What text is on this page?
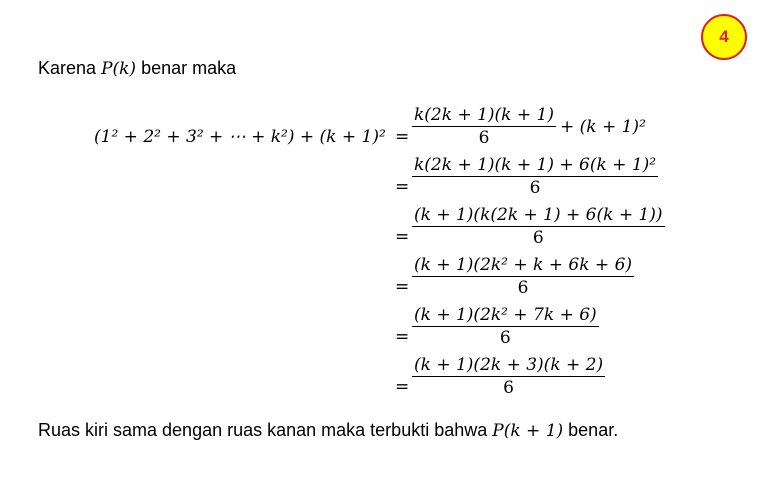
4
Karena P(k) benar maka
(1² + 2² + 3² + ⋯ + $k^2) + (k + 1)^2 = \frac{k(2k + 1)(k + 1)}{6} + (k + 1)^2$
= $\frac{\text{k(2k + 1)(k + 1) + 6(k + 1)²}}{6}$
= $\frac{(k + 1)(k(2k + 1) + 6(k + 1))}{6}$
= $\frac{\text{(k + 1)(2k² + k + 6k + 6)}}{6}$
= $\frac{\text{(k + 1)(2k² + 7k + 6)}}{6}$
= $\frac{(k + 1)(2k + 3)(k + 2)}{6}$
Ruas kiri sama dengan ruas kanan maka terbukti bahwa P(k + 1) benar.
